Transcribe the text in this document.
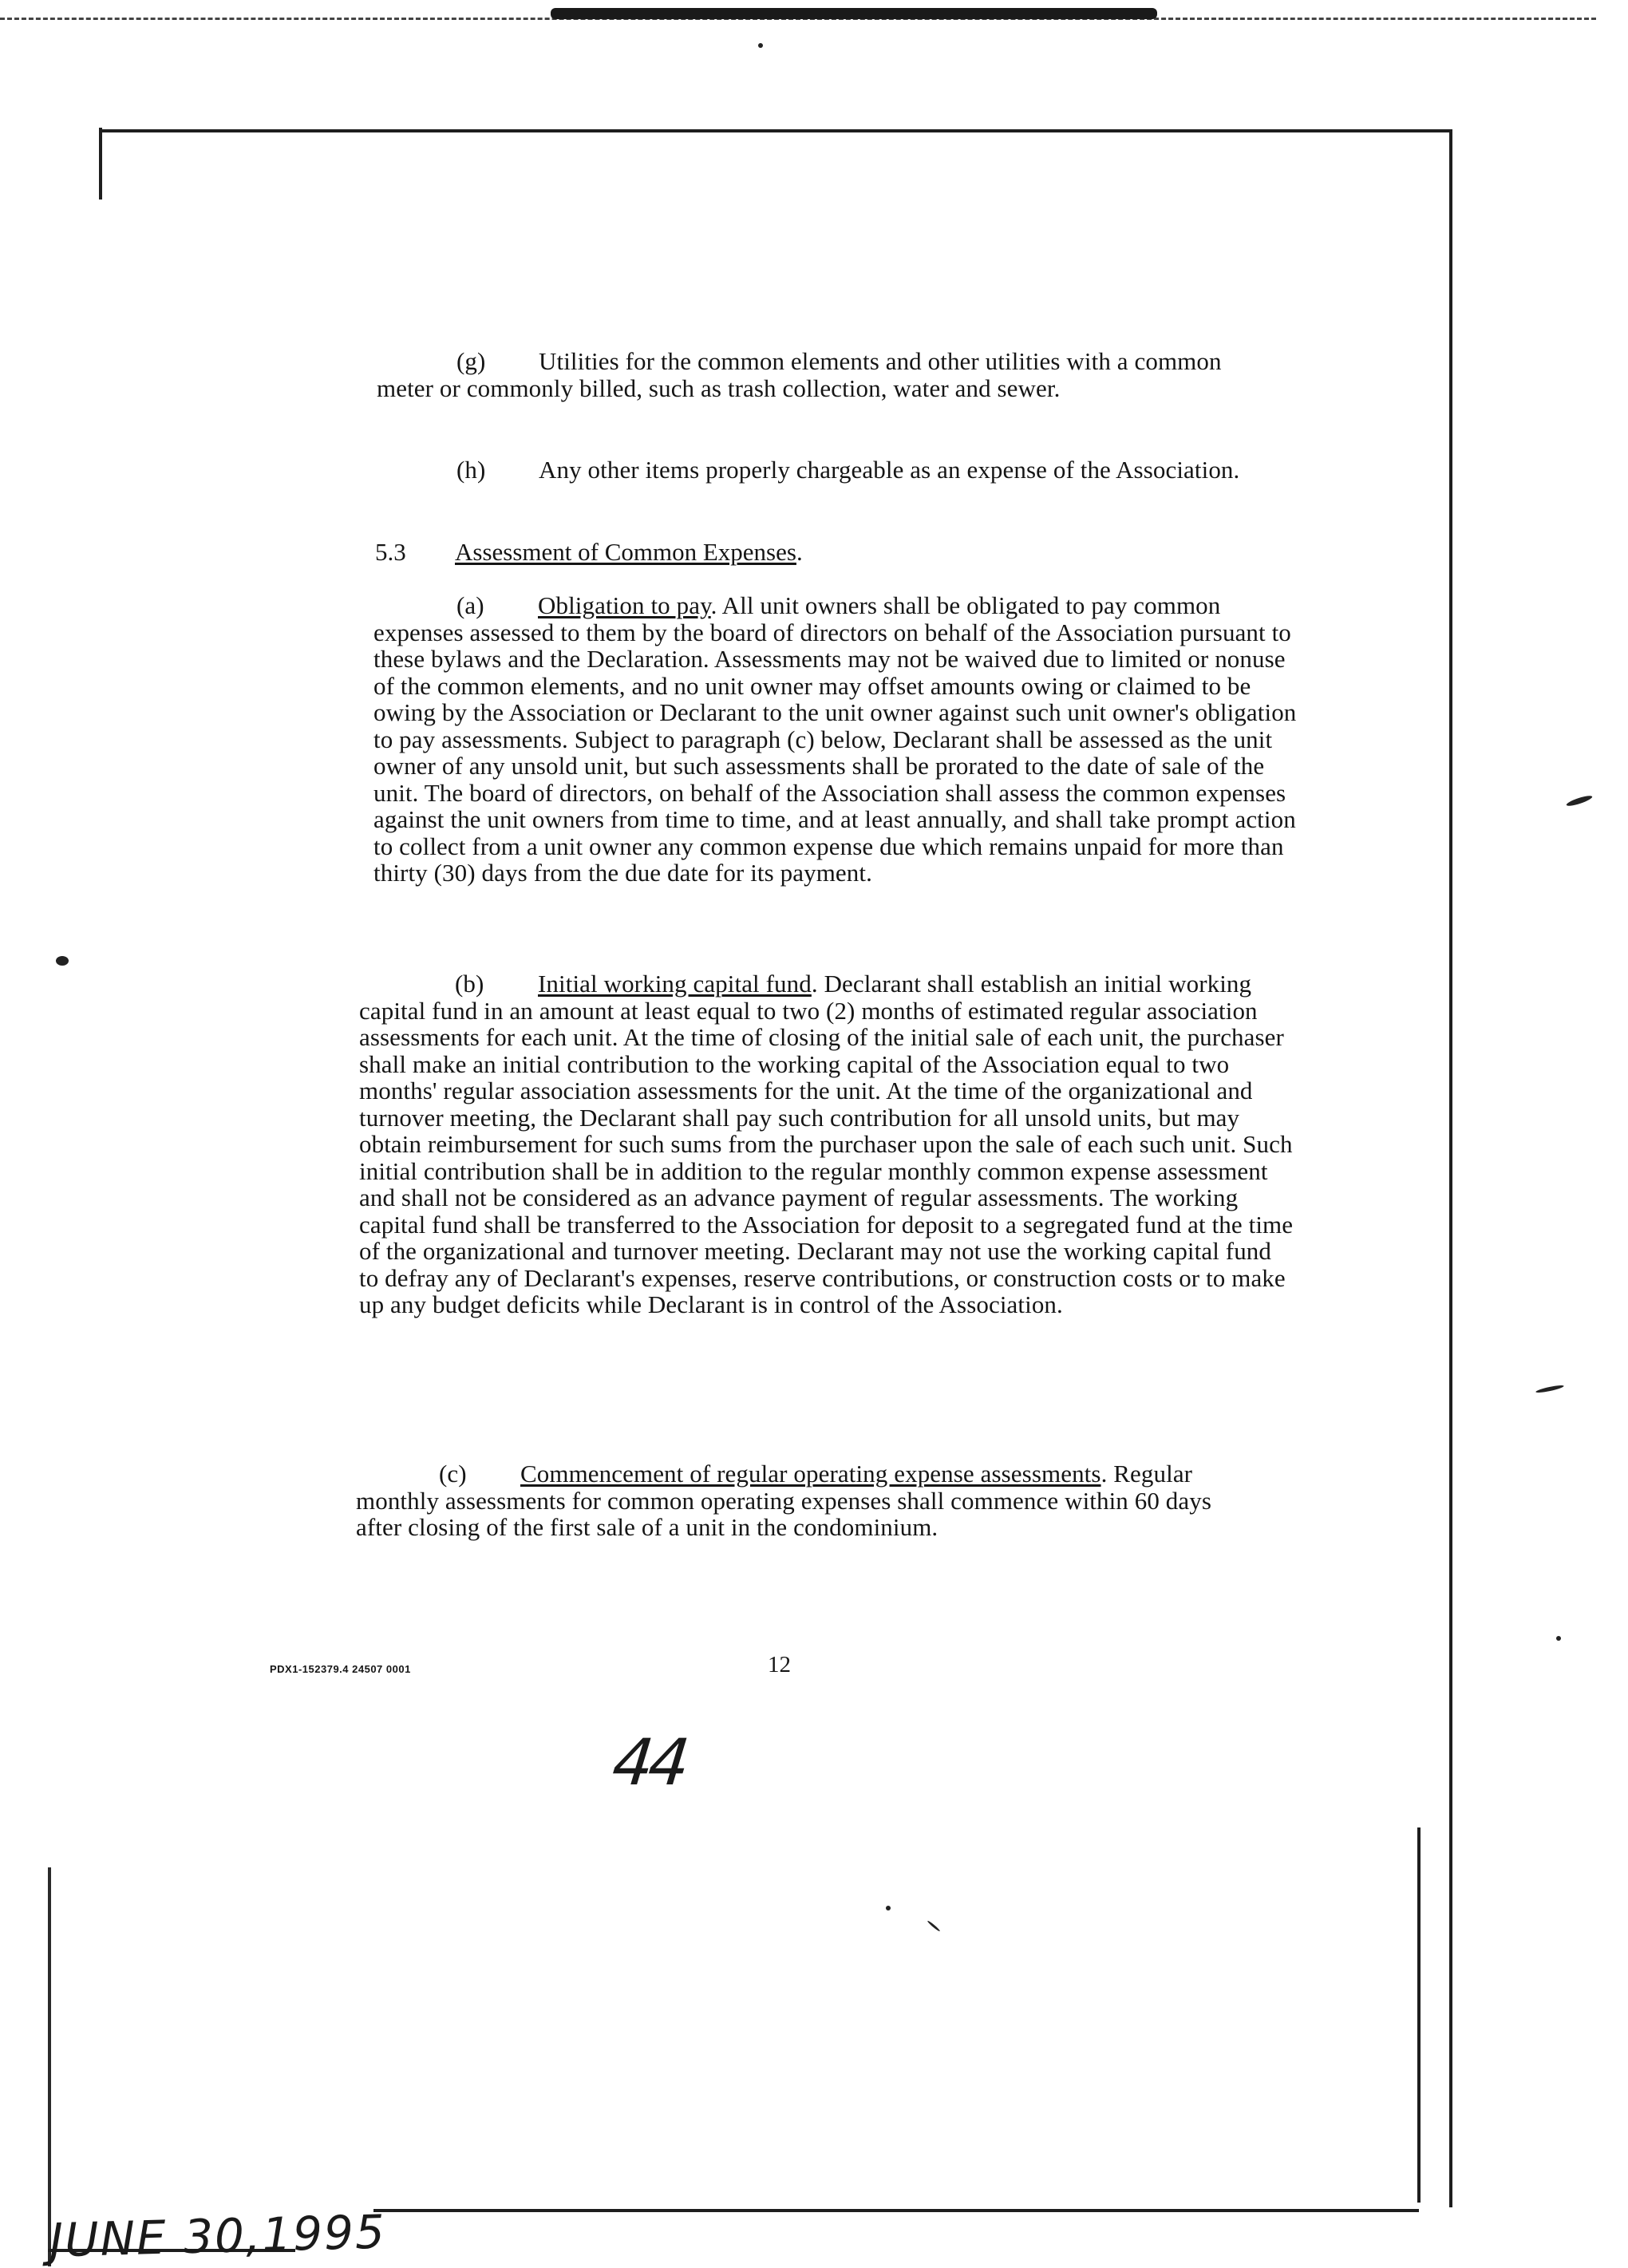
(g) Utilities for the common elements and other utilities with a common meter or commonly billed, such as trash collection, water and sewer.
(h) Any other items properly chargeable as an expense of the Association.
5.3 Assessment of Common Expenses.
(a) Obligation to pay. All unit owners shall be obligated to pay common expenses assessed to them by the board of directors on behalf of the Association pursuant to these bylaws and the Declaration. Assessments may not be waived due to limited or nonuse of the common elements, and no unit owner may offset amounts owing or claimed to be owing by the Association or Declarant to the unit owner against such unit owner's obligation to pay assessments. Subject to paragraph (c) below, Declarant shall be assessed as the unit owner of any unsold unit, but such assessments shall be prorated to the date of sale of the unit. The board of directors, on behalf of the Association shall assess the common expenses against the unit owners from time to time, and at least annually, and shall take prompt action to collect from a unit owner any common expense due which remains unpaid for more than thirty (30) days from the due date for its payment.
(b) Initial working capital fund. Declarant shall establish an initial working capital fund in an amount at least equal to two (2) months of estimated regular association assessments for each unit. At the time of closing of the initial sale of each unit, the purchaser shall make an initial contribution to the working capital of the Association equal to two months' regular association assessments for the unit. At the time of the organizational and turnover meeting, the Declarant shall pay such contribution for all unsold units, but may obtain reimbursement for such sums from the purchaser upon the sale of each such unit. Such initial contribution shall be in addition to the regular monthly common expense assessment and shall not be considered as an advance payment of regular assessments. The working capital fund shall be transferred to the Association for deposit to a segregated fund at the time of the organizational and turnover meeting. Declarant may not use the working capital fund to defray any of Declarant's expenses, reserve contributions, or construction costs or to make up any budget deficits while Declarant is in control of the Association.
(c) Commencement of regular operating expense assessments. Regular monthly assessments for common operating expenses shall commence within 60 days after closing of the first sale of a unit in the condominium.
PDX1-152379.4 24507 0001	12
44
JUNE 30,1995
